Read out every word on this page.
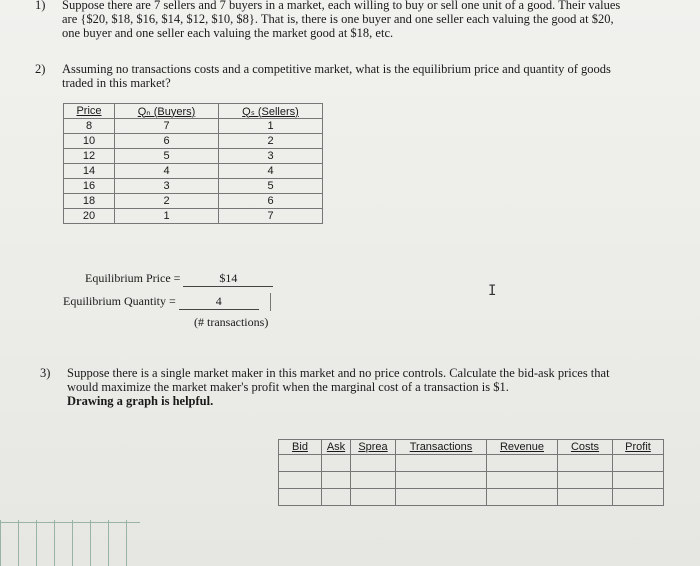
1) Suppose there are 7 sellers and 7 buyers in a market, each willing to buy or sell one unit of a good. Their values
are {$20, $18, $16, $14, $12, $10, $8}. That is, there is one buyer and one seller each valuing the good at $20,
one buyer and one seller each valuing the market good at $18, etc.
2) Assuming no transactions costs and a competitive market, what is the equilibrium price and quantity of goods
traded in this market?
Price	Qₙ (Buyers)	Qₛ (Sellers)
8	7	1
10	6	2
12	5	3
14	4	4
16	3	5
18	2	6
20	1	7
Equilibrium Price =	$14
Equilibrium Quantity =	4
(# transactions)
I
3) Suppose there is a single market maker in this market and no price controls. Calculate the bid-ask prices that
would maximize the market maker's profit when the marginal cost of a transaction is $1.
Drawing a graph is helpful.
Bid	Ask	Sprea	Transactions	Revenue	Costs	Profit
